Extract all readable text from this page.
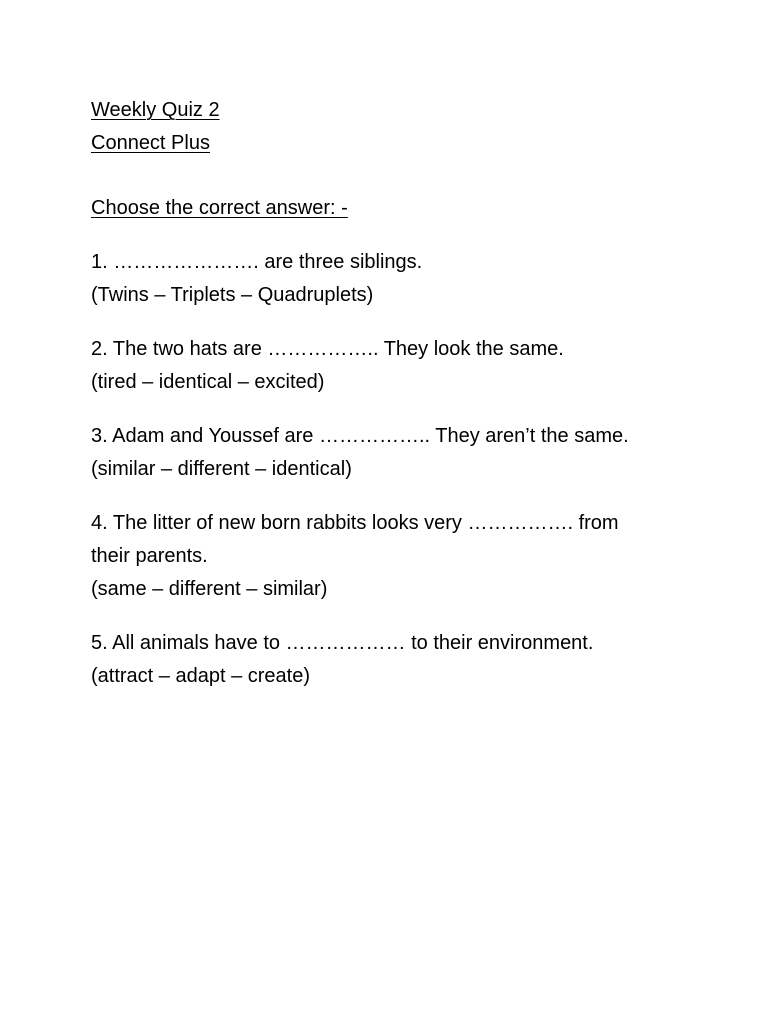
Weekly Quiz 2
Connect Plus
Choose the correct answer: -
1. …………………. are three siblings.
(Twins – Triplets – Quadruplets)
2. The two hats are …………….. They look the same.
(tired – identical – excited)
3. Adam and Youssef are …………….. They aren’t the same.
(similar – different – identical)
4. The litter of new born rabbits looks very ……………. from
their parents.
(same – different – similar)
5. All animals have to ……………… to their environment.
(attract – adapt – create)
